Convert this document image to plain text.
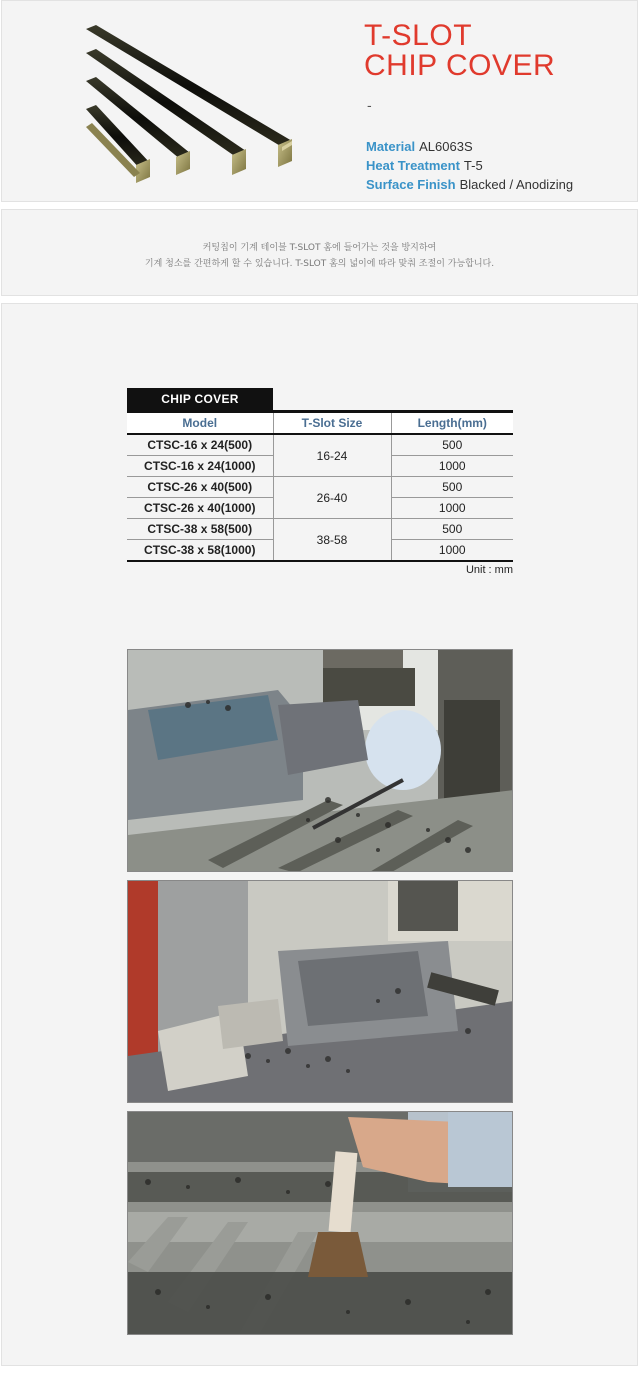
T-SLOT
CHIP COVER
-
Material AL6063S
Heat Treatment T-5
Surface Finish Blacked / Anodizing
커팅칩이 기계 테이블 T-SLOT 홈에 들어가는 것을 방지하여
기계 청소를 간편하게 할 수 있습니다. T-SLOT 홈의 넓이에 따라 맞춰 조절이 가능합니다.
CHIP COVER
Model	T-Slot Size	Length(mm)
CTSC-16 x 24(500)	16-24	500
CTSC-16 x 24(1000)		1000
CTSC-26 x 40(500)	26-40	500
CTSC-26 x 40(1000)		1000
CTSC-38 x 58(500)	38-58	500
CTSC-38 x 58(1000)		1000
Unit : mm
